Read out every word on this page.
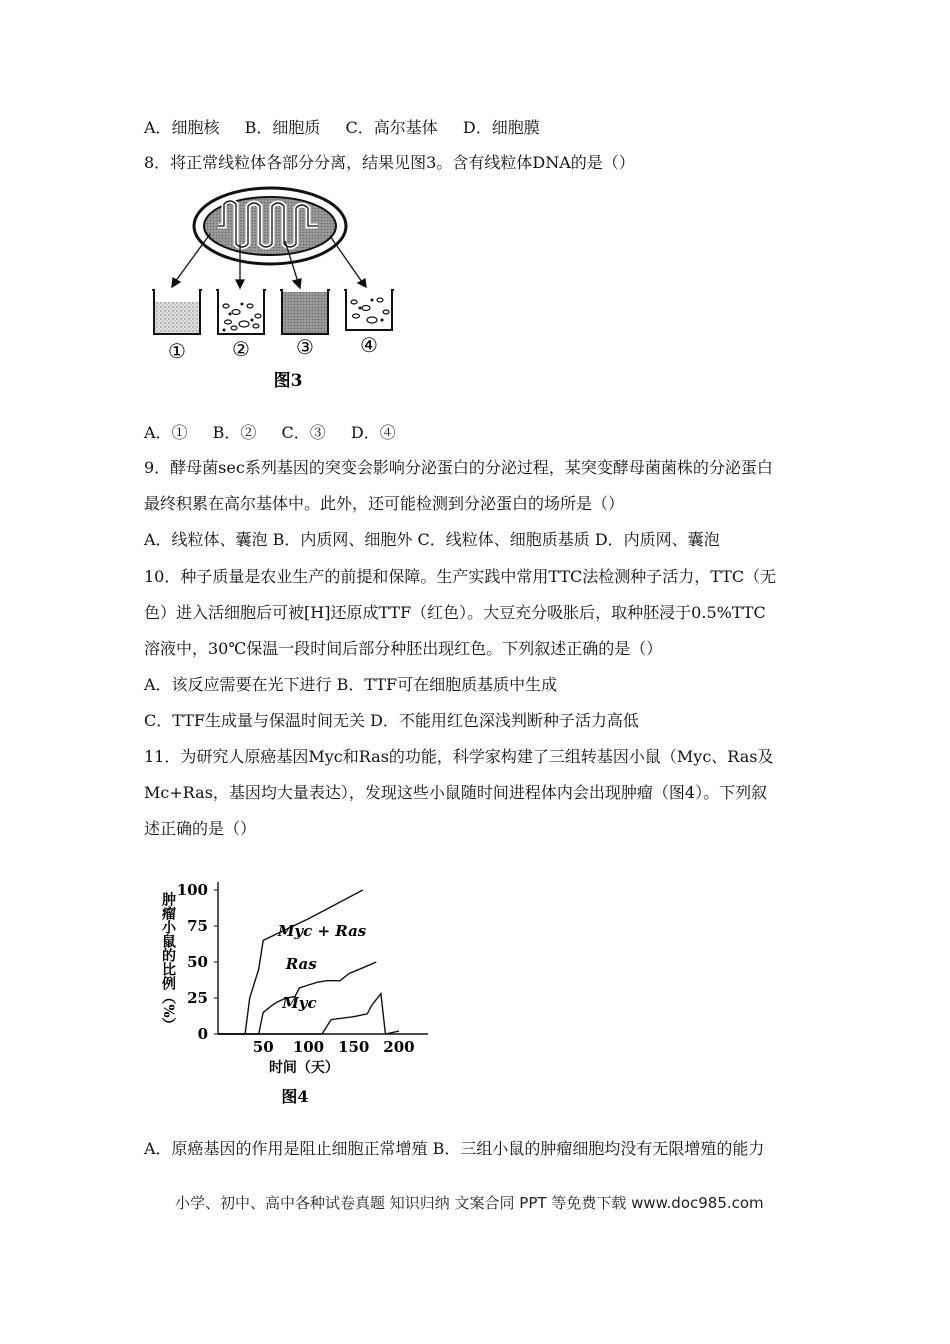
A．细胞核 B．细胞质 C．高尔基体 D．细胞膜
8．将正常线粒体各部分分离，结果见图3。含有线粒体DNA的是（）
① ② ③ ④
图3
A．① B．② C．③ D．④
9．酵母菌sec系列基因的突变会影响分泌蛋白的分泌过程，某突变酵母菌菌株的分泌蛋白
最终积累在高尔基体中。此外，还可能检测到分泌蛋白的场所是（）
A．线粒体、囊泡 B．内质网、细胞外 C．线粒体、细胞质基质 D．内质网、囊泡
10．种子质量是农业生产的前提和保障。生产实践中常用TTC法检测种子活力，TTC（无
色）进入活细胞后可被[H]还原成TTF（红色）。大豆充分吸胀后，取种胚浸于0.5%TTC
溶液中，30℃保温一段时间后部分种胚出现红色。下列叙述正确的是（）
A．该反应需要在光下进行 B．TTF可在细胞质基质中生成
C．TTF生成量与保温时间无关 D．不能用红色深浅判断种子活力高低
11．为研究人原癌基因Myc和Ras的功能，科学家构建了三组转基因小鼠（Myc、Ras及
Mc+Ras，基因均大量表达），发现这些小鼠随时间进程体内会出现肿瘤（图4）。下列叙
述正确的是（）
0
25
50
75
100
50 100 150 200
时间（天）
肿瘤小鼠的比例（%）	Myc + Ras
Ras
Myc
图4
A．原癌基因的作用是阻止细胞正常增殖 B．三组小鼠的肿瘤细胞均没有无限增殖的能力
小学、初中、高中各种试卷真题 知识归纳 文案合同 PPT 等免费下载 www.doc985.com
